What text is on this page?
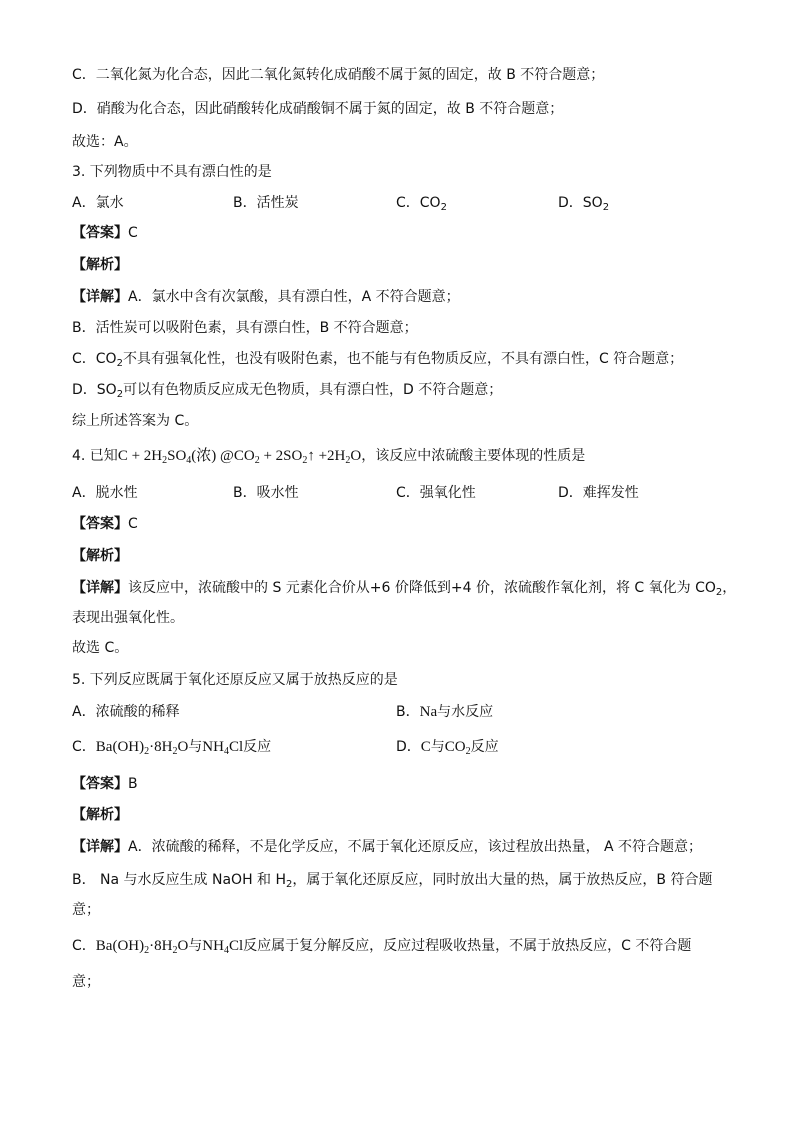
C．二氧化氮为化合态，因此二氧化氮转化成硝酸不属于氮的固定，故 B 不符合题意；
D．硝酸为化合态，因此硝酸转化成硝酸铜不属于氮的固定，故 B 不符合题意；
故选：A。
3. 下列物质中不具有漂白性的是
A．氯水	B．活性炭	C．$CO_2$	D．$SO_2$
【答案】C
【解析】
【详解】A．氯水中含有次氯酸，具有漂白性，A 不符合题意；
B．活性炭可以吸附色素，具有漂白性，B 不符合题意；
C．$CO_2$不具有强氧化性，也没有吸附色素，也不能与有色物质反应，不具有漂白性，C 符合题意；
D．$SO_2$可以有色物质反应成无色物质，具有漂白性，D 不符合题意；
综上所述答案为 C。
4. 已知$C + 2H_2SO_4$(浓) $@CO_2$ + $2SO_2↑ +2H_2O$，该反应中浓硫酸主要体现的性质是
A．脱水性	B．吸水性	C．强氧化性	D．难挥发性
【答案】C
【解析】
【详解】该反应中，浓硫酸中的 S 元素化合价从+6 价降低到+4 价，浓硫酸作氧化剂，将 C 氧化为 $CO_2$，
表现出强氧化性。
故选 C。
5. 下列反应既属于氧化还原反应又属于放热反应的是
A．浓硫酸的稀释	B．Na与水反应
C．$Ba(OH)_2\cdot 8H_2O$与$NH_4Cl$反应	D．C与$CO_2$反应
【答案】B
【解析】
【详解】A．浓硫酸的稀释，不是化学反应，不属于氧化还原反应，该过程放出热量， A 不符合题意；
B． Na 与水反应生成 NaOH 和 $H_2$，属于氧化还原反应，同时放出大量的热，属于放热反应，B 符合题
意；
C．$Ba(OH)_2\cdot 8H_2O$与$NH_4Cl$反应属于复分解反应，反应过程吸收热量，不属于放热反应，C 不符合题
意；
